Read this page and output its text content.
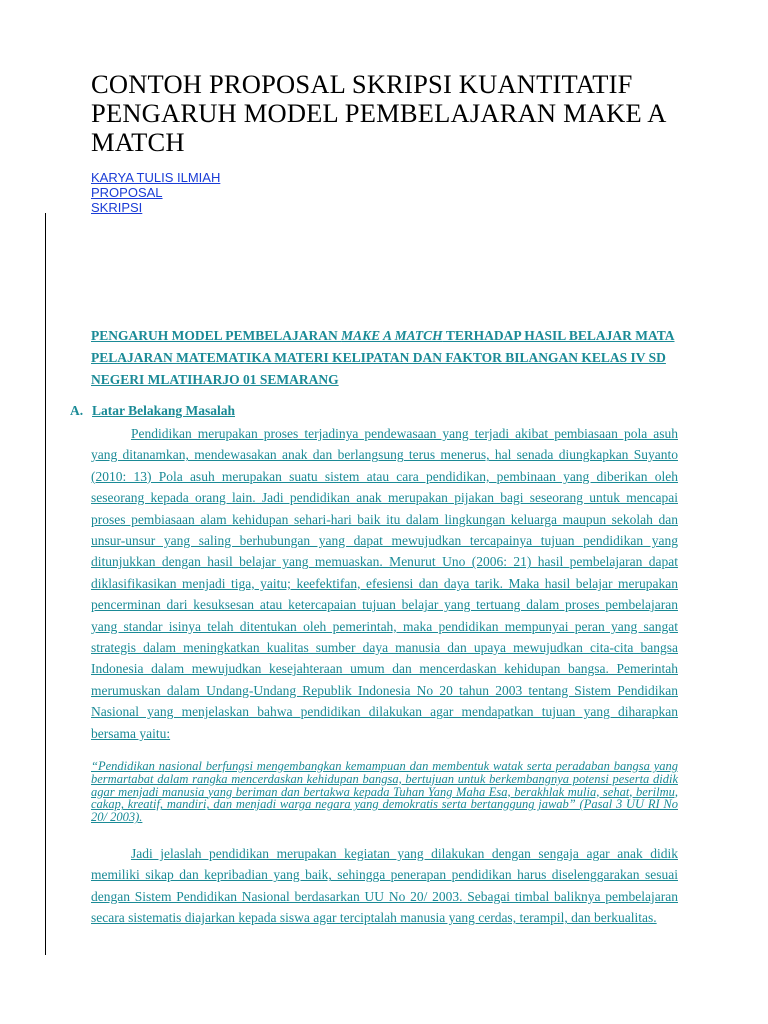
CONTOH PROPOSAL SKRIPSI KUANTITATIF PENGARUH MODEL PEMBELAJARAN MAKE A MATCH
KARYA TULIS ILMIAH
PROPOSAL
SKRIPSI
PENGARUH MODEL PEMBELAJARAN MAKE A MATCH TERHADAP HASIL BELAJAR MATA PELAJARAN MATEMATIKA MATERI KELIPATAN DAN FAKTOR BILANGAN KELAS IV SD NEGERI MLATIHARJO 01 SEMARANG
A. Latar Belakang Masalah

Pendidikan merupakan proses terjadinya pendewasaan yang terjadi akibat pembiasaan pola asuh yang ditanamkan, mendewasakan anak dan berlangsung terus menerus, hal senada diungkapkan Suyanto (2010: 13) Pola asuh merupakan suatu sistem atau cara pendidikan, pembinaan yang diberikan oleh seseorang kepada orang lain. Jadi pendidikan anak merupakan pijakan bagi seseorang untuk mencapai proses pembiasaan alam kehidupan sehari-hari baik itu dalam lingkungan keluarga maupun sekolah dan unsur-unsur yang saling berhubungan yang dapat mewujudkan tercapainya tujuan pendidikan yang ditunjukkan dengan hasil belajar yang memuaskan. Menurut Uno (2006: 21) hasil pembelajaran dapat diklasifikasikan menjadi tiga, yaitu; keefektifan, efesiensi dan daya tarik. Maka hasil belajar merupakan pencerminan dari kesuksesan atau ketercapaian tujuan belajar yang tertuang dalam proses pembelajaran yang standar isinya telah ditentukan oleh pemerintah, maka pendidikan mempunyai peran yang sangat strategis dalam meningkatkan kualitas sumber daya manusia dan upaya mewujudkan cita-cita bangsa Indonesia dalam mewujudkan kesejahteraan umum dan mencerdaskan kehidupan bangsa. Pemerintah merumuskan dalam Undang-Undang Republik Indonesia No 20 tahun 2003 tentang Sistem Pendidikan Nasional yang menjelaskan bahwa pendidikan dilakukan agar mendapatkan tujuan yang diharapkan bersama yaitu:

“Pendidikan nasional berfungsi mengembangkan kemampuan dan membentuk watak serta peradaban bangsa yang bermartabat dalam rangka mencerdaskan kehidupan bangsa, bertujuan untuk berkembangnya potensi peserta didik agar menjadi manusia yang beriman dan bertakwa kepada Tuhan Yang Maha Esa, berakhlak mulia, sehat, berilmu, cakap, kreatif, mandiri, dan menjadi warga negara yang demokratis serta bertanggung jawab” (Pasal 3 UU RI No 20/ 2003).

Jadi jelaslah pendidikan merupakan kegiatan yang dilakukan dengan sengaja agar anak didik memiliki sikap dan kepribadian yang baik, sehingga penerapan pendidikan harus diselenggarakan sesuai dengan Sistem Pendidikan Nasional berdasarkan UU No 20/ 2003. Sebagai timbal baliknya pembelajaran secara sistematis diajarkan kepada siswa agar terciptalah manusia yang cerdas, terampil, dan berkualitas.
